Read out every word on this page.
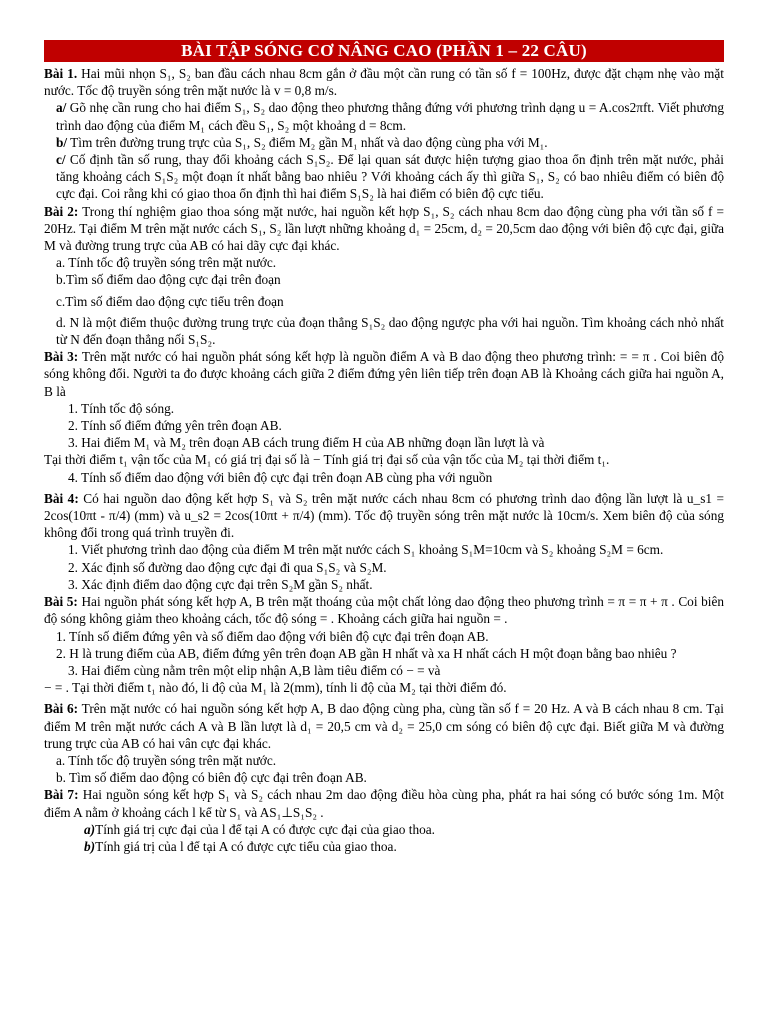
BÀI TẬP SÓNG CƠ NÂNG CAO (PHẦN 1 – 22 CÂU)

Bài 1. Hai mũi nhọn S₁, S₂ ban đầu cách nhau 8cm gắn ở đầu một cần rung có tần số f = 100Hz, được đặt chạm nhẹ vào mặt nước. Tốc độ truyền sóng trên mặt nước là v = 0,8 m/s.

a/ Gõ nhẹ cần rung cho hai điểm S₁, S₂ dao động theo phương thẳng đứng với phương trình dạng u = A.cos2πft. Viết phương trình dao động của điểm M₁ cách đều S₁, S₂ một khoảng d = 8cm.

b/ Tìm trên đường trung trực của S₁, S₂ điểm M₂ gần M₁ nhất và dao động cùng pha với M₁.

c/ Cố định tần số rung, thay đổi khoảng cách S₁S₂. Để lại quan sát được hiện tượng giao thoa ổn định trên mặt nước, phải tăng khoảng cách S₁S₂ một đoạn ít nhất bằng bao nhiêu ? Với khoảng cách ấy thì giữa S₁, S₂ có bao nhiêu điểm có biên độ cực đại. Coi rằng khi có giao thoa ổn định thì hai điểm S₁S₂ là hai điểm có biên độ cực tiểu.

Bài 2: Trong thí nghiệm giao thoa sóng mặt nước, hai nguồn kết hợp S₁, S₂ cách nhau 8cm dao động cùng pha với tần số f = 20Hz. Tại điểm M trên mặt nước cách S₁, S₂ lần lượt những khoảng d₁ = 25cm, d₂ = 20,5cm dao động với biên độ cực đại, giữa M và đường trung trực của AB có hai dãy cực đại khác.

a. Tính tốc độ truyền sóng trên mặt nước.

b.Tìm số điểm dao động cực đại trên đoạn

c.Tìm số điểm dao động cực tiểu trên đoạn

d. N là một điểm thuộc đường trung trực của đoạn thẳng S₁S₂ dao động ngược pha với hai nguồn. Tìm khoảng cách nhỏ nhất từ N đến đoạn thẳng nối S₁S₂.

Bài 3: Trên mặt nước có hai nguồn phát sóng kết hợp là nguồn điểm A và B dao động theo phương trình: = = π . Coi biên độ sóng không đổi. Người ta đo được khoảng cách giữa 2 điểm đứng yên liên tiếp trên đoạn AB là Khoảng cách giữa hai nguồn A, B là

1. Tính tốc độ sóng.

2. Tính số điểm đứng yên trên đoạn AB.

3. Hai điểm M₁ và M₂ trên đoạn AB cách trung điểm H của AB những đoạn lần lượt là và

Tại thời điểm t₁ vận tốc của M₁ có giá trị đại số là − Tính giá trị đại số của vận tốc của M₂ tại thời điểm t₁.

4. Tính số điểm dao động với biên độ cực đại trên đoạn AB cùng pha với nguồn

Bài 4: Có hai nguồn dao động kết hợp S₁ và S₂ trên mặt nước cách nhau 8cm có phương trình dao động lần lượt là u_s1 = 2cos(10πt - π/4) (mm) và u_s2 = 2cos(10πt + π/4) (mm). Tốc độ truyền sóng trên mặt nước là 10cm/s. Xem biên độ của sóng không đổi trong quá trình truyền đi.

1. Viết phương trình dao động của điểm M trên mặt nước cách S₁ khoảng S₁M=10cm và S₂ khoảng S₂M = 6cm.

2. Xác định số đường dao động cực đại đi qua S₁S₂ và S₂M.

3. Xác định điểm dao động cực đại trên S₂M gần S₂ nhất.

Bài 5: Hai nguồn phát sóng kết hợp A, B trên mặt thoáng của một chất lỏng dao động theo phương trình = π = π + π . Coi biên độ sóng không giảm theo khoảng cách, tốc độ sóng = . Khoảng cách giữa hai nguồn = .

1. Tính số điểm đứng yên và số điểm dao động với biên độ cực đại trên đoạn AB.

2. H là trung điểm của AB, điểm đứng yên trên đoạn AB gần H nhất và xa H nhất cách H một đoạn bằng bao nhiêu ?

3. Hai điểm cùng nằm trên một elip nhận A,B làm tiêu điểm có − = và

− = . Tại thời điểm t₁ nào đó, li độ của M₁ là 2(mm), tính li độ của M₂ tại thời điểm đó.

Bài 6: Trên mặt nước có hai nguồn sóng kết hợp A, B dao động cùng pha, cùng tần số f = 20 Hz. A và B cách nhau 8 cm. Tại điểm M trên mặt nước cách A và B lần lượt là d₁ = 20,5 cm và d₂ = 25,0 cm sóng có biên độ cực đại. Biết giữa M và đường trung trực của AB có hai vân cực đại khác.

a. Tính tốc độ truyền sóng trên mặt nước.

b. Tìm số điểm dao động có biên độ cực đại trên đoạn AB.

Bài 7: Hai nguồn sóng kết hợp S₁ và S₂ cách nhau 2m dao động điều hòa cùng pha, phát ra hai sóng có bước sóng 1m. Một điểm A nằm ở khoảng cách l kể từ S₁ và AS₁⊥S₁S₂ .

a)Tính giá trị cực đại của l để tại A có được cực đại của giao thoa.

b)Tính giá trị của l để tại A có được cực tiểu của giao thoa.
